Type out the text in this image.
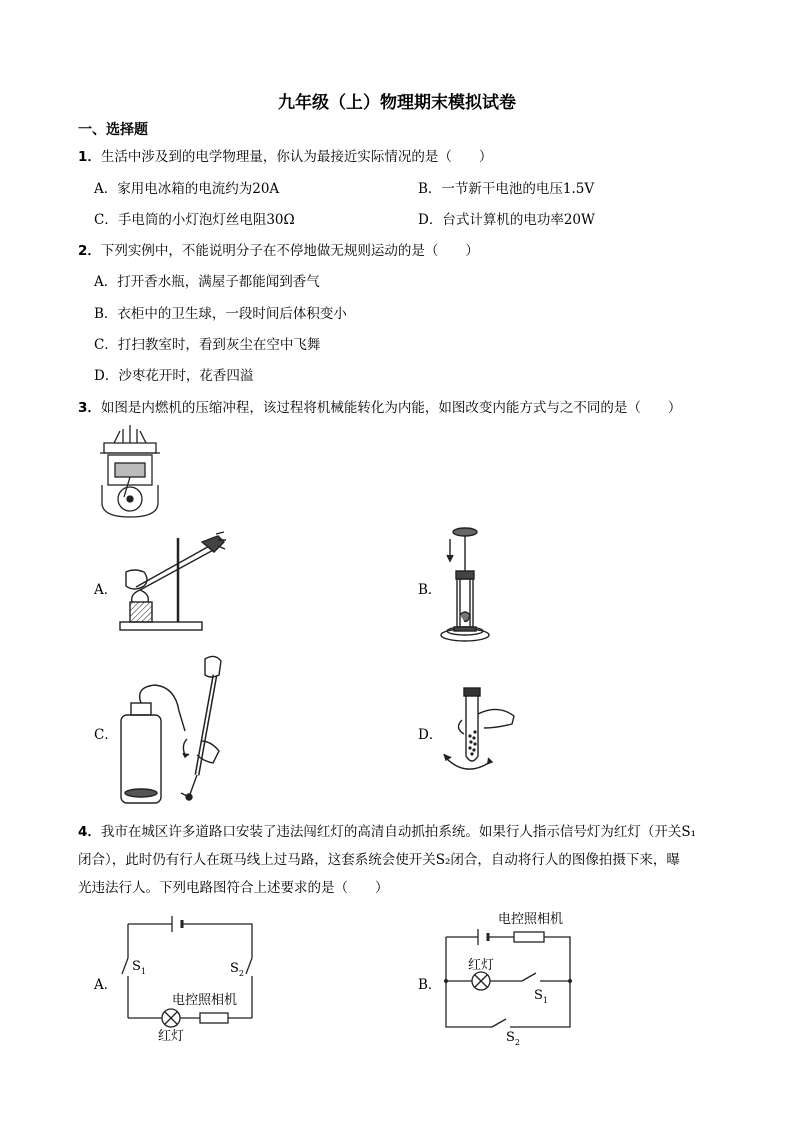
九年级（上）物理期末模拟试卷
一、选择题
1．生活中涉及到的电学物理量，你认为最接近实际情况的是（　　）
A．家用电冰箱的电流约为20A	B．一节新干电池的电压1.5V
C．手电筒的小灯泡灯丝电阻30Ω	D．台式计算机的电功率20W
2．下列实例中，不能说明分子在不停地做无规则运动的是（　　）
A．打开香水瓶，满屋子都能闻到香气
B．衣柜中的卫生球，一段时间后体积变小
C．打扫教室时，看到灰尘在空中飞舞
D．沙枣花开时，花香四溢
3．如图是内燃机的压缩冲程，该过程将机械能转化为内能，如图改变内能方式与之不同的是（　　）
A．	B．
C．	D．
4．我市在城区许多道路口安装了违法闯红灯的高清自动抓拍系统。如果行人指示信号灯为红灯（开关S₁
闭合），此时仍有行人在斑马线上过马路，这套系统会使开关S₂闭合，自动将行人的图像拍摄下来，曝
光违法行人。下列电路图符合上述要求的是（　　）
A．
$S_1$	$S_2$
电控照相机
红灯
B．
电控照相机
红灯
$S_1$
$S_2$
